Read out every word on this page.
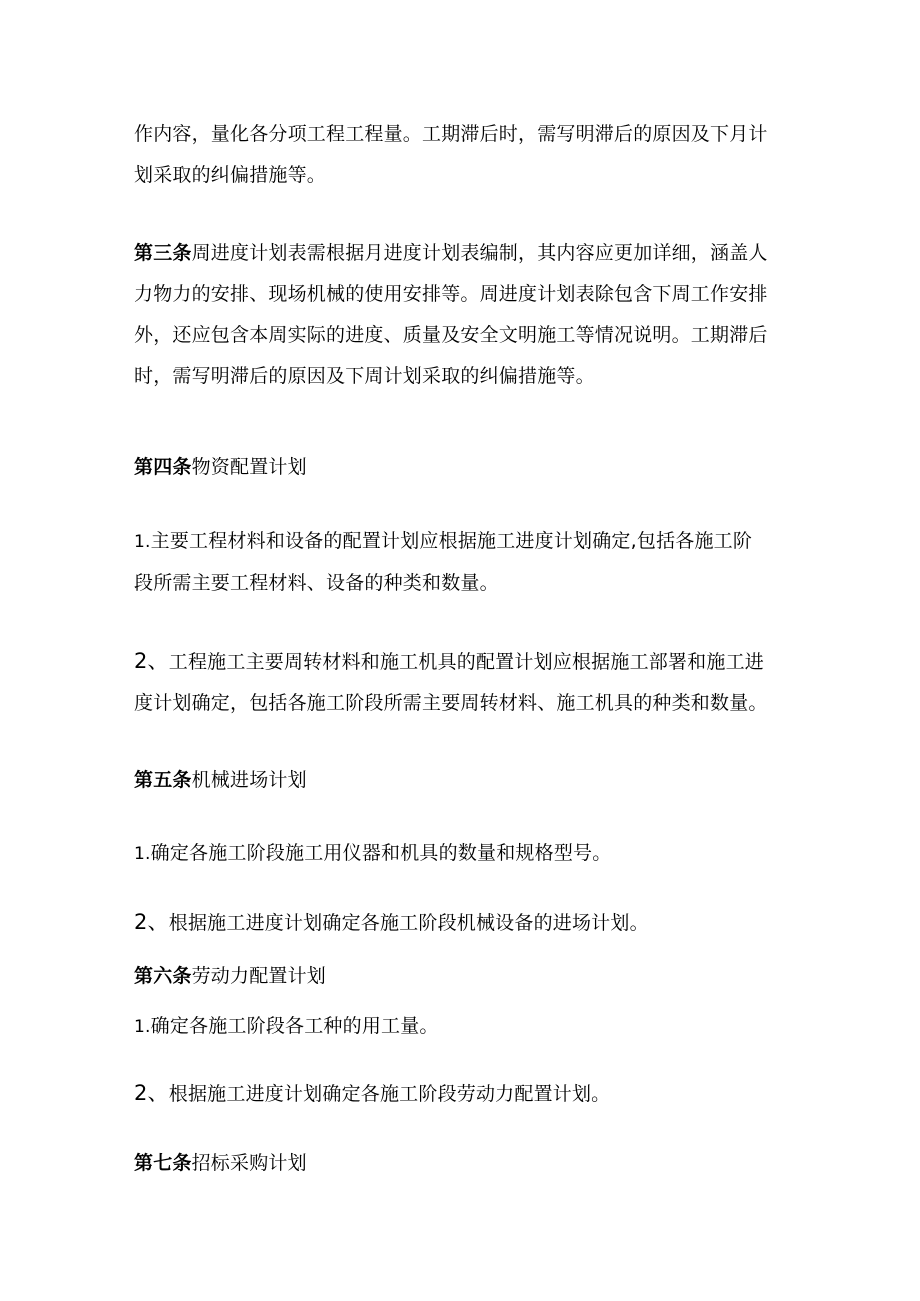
作内容，量化各分项工程工程量。工期滞后时，需写明滞后的原因及下月计
划采取的纠偏措施等。

第三条周进度计划表需根据月进度计划表编制，其内容应更加详细，涵盖人
力物力的安排、现场机械的使用安排等。周进度计划表除包含下周工作安排
外，还应包含本周实际的进度、质量及安全文明施工等情况说明。工期滞后
时，需写明滞后的原因及下周计划采取的纠偏措施等。

第四条物资配置计划

1.主要工程材料和设备的配置计划应根据施工进度计划确定,包括各施工阶
段所需主要工程材料、设备的种类和数量。

2、工程施工主要周转材料和施工机具的配置计划应根据施工部署和施工进
度计划确定，包括各施工阶段所需主要周转材料、施工机具的种类和数量。

第五条机械进场计划

1.确定各施工阶段施工用仪器和机具的数量和规格型号。

2、根据施工进度计划确定各施工阶段机械设备的进场计划。

第六条劳动力配置计划

1.确定各施工阶段各工种的用工量。

2、根据施工进度计划确定各施工阶段劳动力配置计划。

第七条招标采购计划
